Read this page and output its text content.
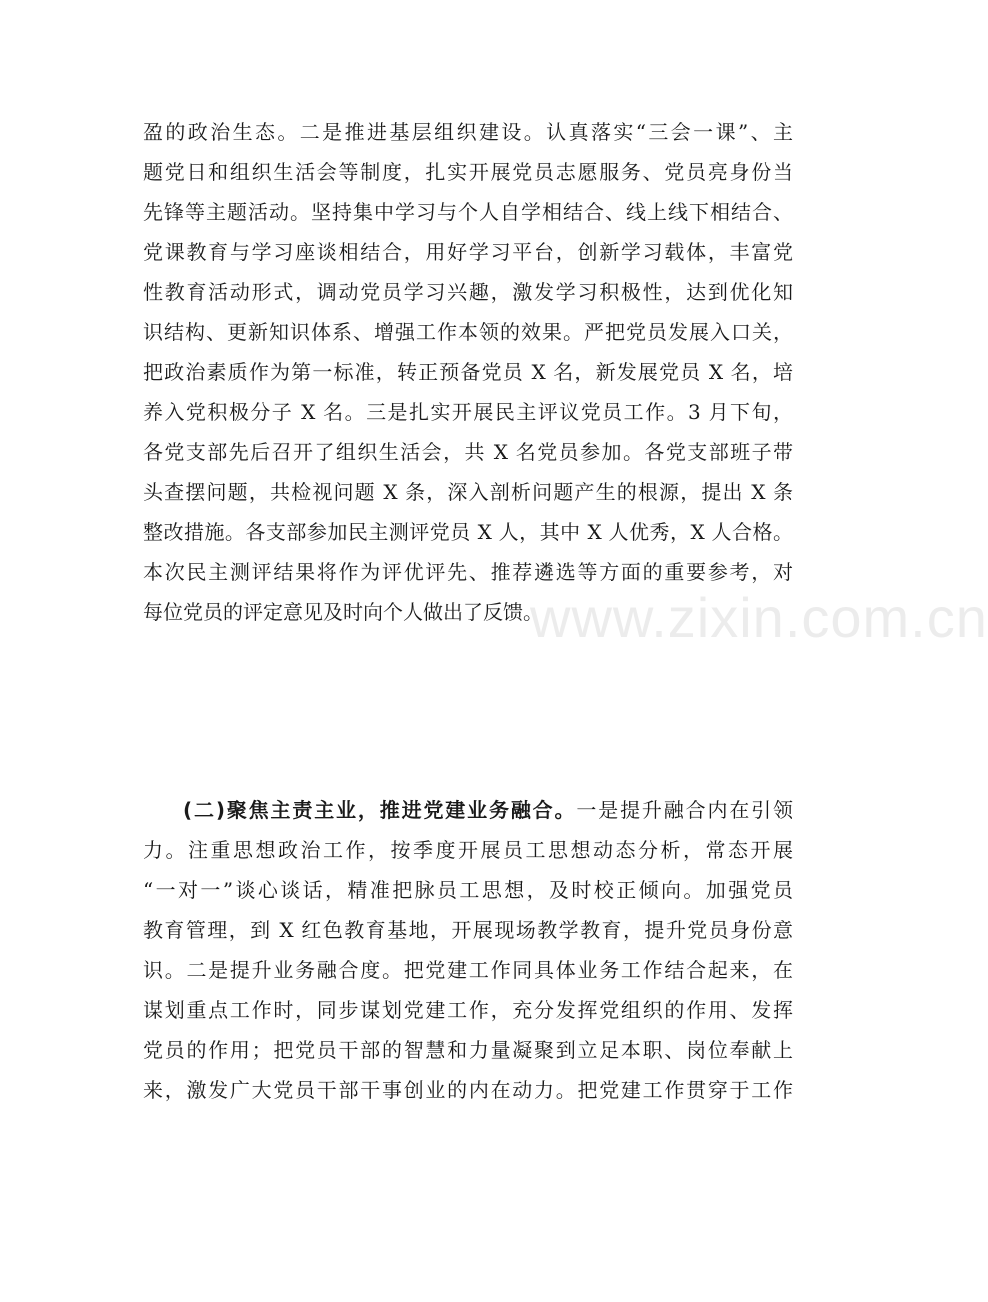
盈的政治生态。二是推进基层组织建设。认真落实“三会一课”、主
题党日和组织生活会等制度，扎实开展党员志愿服务、党员亮身份当
先锋等主题活动。坚持集中学习与个人自学相结合、线上线下相结合、
党课教育与学习座谈相结合，用好学习平台，创新学习载体，丰富党
性教育活动形式，调动党员学习兴趣，激发学习积极性，达到优化知
识结构、更新知识体系、增强工作本领的效果。严把党员发展入口关，
把政治素质作为第一标准，转正预备党员 X 名，新发展党员 X 名，培
养入党积极分子 X 名。三是扎实开展民主评议党员工作。3 月下旬，
各党支部先后召开了组织生活会，共 X 名党员参加。各党支部班子带
头查摆问题，共检视问题 X 条，深入剖析问题产生的根源，提出 X 条
整改措施。各支部参加民主测评党员 X 人，其中 X 人优秀，X 人合格。
本次民主测评结果将作为评优评先、推荐遴选等方面的重要参考，对
每位党员的评定意见及时向个人做出了反馈。
(二)聚焦主责主业，推进党建业务融合。一是提升融合内在引领
力。注重思想政治工作，按季度开展员工思想动态分析，常态开展
“一对一”谈心谈话，精准把脉员工思想，及时校正倾向。加强党员
教育管理，到 X 红色教育基地，开展现场教学教育，提升党员身份意
识。二是提升业务融合度。把党建工作同具体业务工作结合起来，在
谋划重点工作时，同步谋划党建工作，充分发挥党组织的作用、发挥
党员的作用；把党员干部的智慧和力量凝聚到立足本职、岗位奉献上
来，激发广大党员干部干事创业的内在动力。把党建工作贯穿于工作
www.zixin.com.cn
